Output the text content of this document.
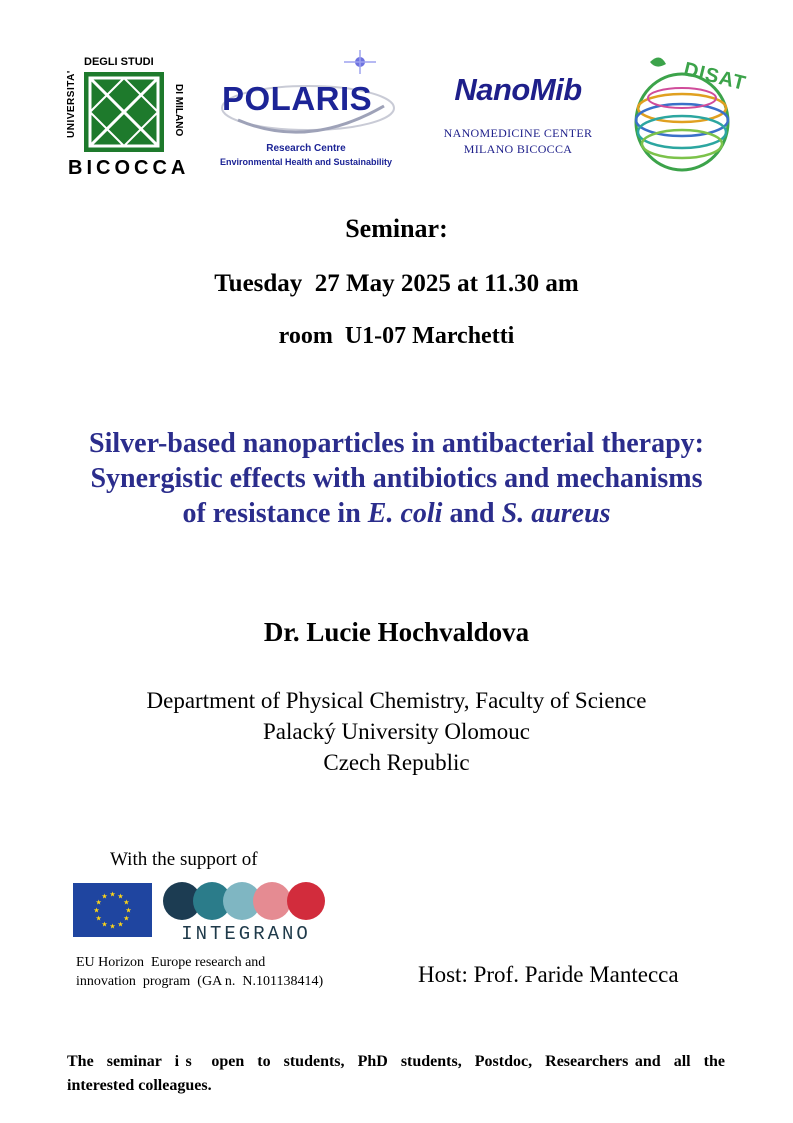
UNIVERSITA'
DEGLI STUDI
DI MILANO
BICOCCA
POLARIS
Research Centre
Environmental Health and Sustainability
NanoMib
NANOMEDICINE CENTER
MILANO BICOCCA
DISAT
Seminar:
Tuesday  27 May 2025 at 11.30 am
room  U1-07 Marchetti
Silver-based nanoparticles in antibacterial therapy:
Synergistic effects with antibiotics and mechanisms
of resistance in E. coli and S. aureus
Dr. Lucie Hochvaldova
Department of Physical Chemistry, Faculty of Science
Palacký University Olomouc
Czech Republic
With the support of
★
★
★
★
★
★
★
★
★ ★ ★
★
INTEGRANO
EU Horizon  Europe research and
innovation  program  (GA n.  N.101138414)	Host: Prof. Paride Mantecca
The  seminar  i s   open  to  students,  PhD  students,  Postdoc,  Researchers and  all  the  interested colleagues.
